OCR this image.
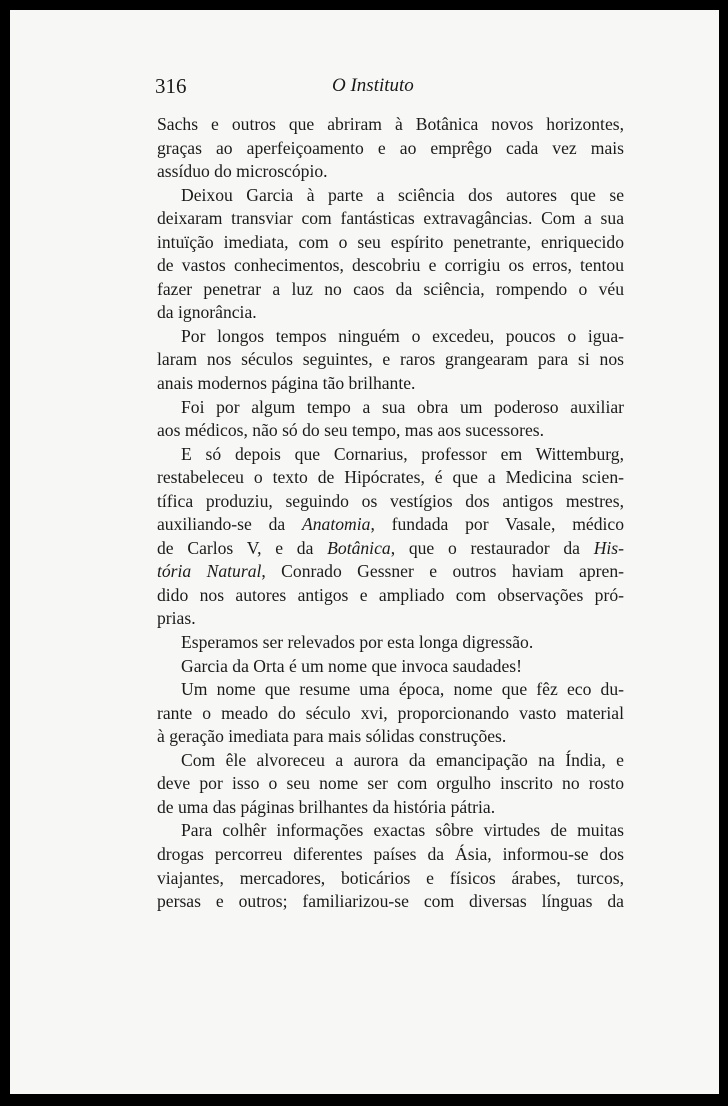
316	O Instituto
Sachs e outros que abriram à Botânica novos horizontes,
graças ao aperfeiçoamento e ao emprêgo cada vez mais
assíduo do microscópio.
Deixou Garcia à parte a sciência dos autores que se
deixaram transviar com fantásticas extravagâncias. Com a sua
intuïção imediata, com o seu espírito penetrante, enriquecido
de vastos conhecimentos, descobriu e corrigiu os erros, tentou
fazer penetrar a luz no caos da sciência, rompendo o véu
da ignorância.
Por longos tempos ninguém o excedeu, poucos o igua-
laram nos séculos seguintes, e raros grangearam para si nos
anais modernos página tão brilhante.
Foi por algum tempo a sua obra um poderoso auxiliar
aos médicos, não só do seu tempo, mas aos sucessores.
E só depois que Cornarius, professor em Wittemburg,
restabeleceu o texto de Hipócrates, é que a Medicina scien-
tífica produziu, seguindo os vestígios dos antigos mestres,
auxiliando-se da Anatomia, fundada por Vasale, médico
de Carlos V, e da Botânica, que o restaurador da His-
tória Natural, Conrado Gessner e outros haviam apren-
dido nos autores antigos e ampliado com observações pró-
prias.
Esperamos ser relevados por esta longa digressão.
Garcia da Orta é um nome que invoca saudades!
Um nome que resume uma época, nome que fêz eco du-
rante o meado do século xvi, proporcionando vasto material
à geração imediata para mais sólidas construções.
Com êle alvoreceu a aurora da emancipação na Índia, e
deve por isso o seu nome ser com orgulho inscrito no rosto
de uma das páginas brilhantes da história pátria.
Para colhêr informações exactas sôbre virtudes de muitas
drogas percorreu diferentes países da Ásia, informou-se dos
viajantes, mercadores, boticários e físicos árabes, turcos,
persas e outros; familiarizou-se com diversas línguas da
